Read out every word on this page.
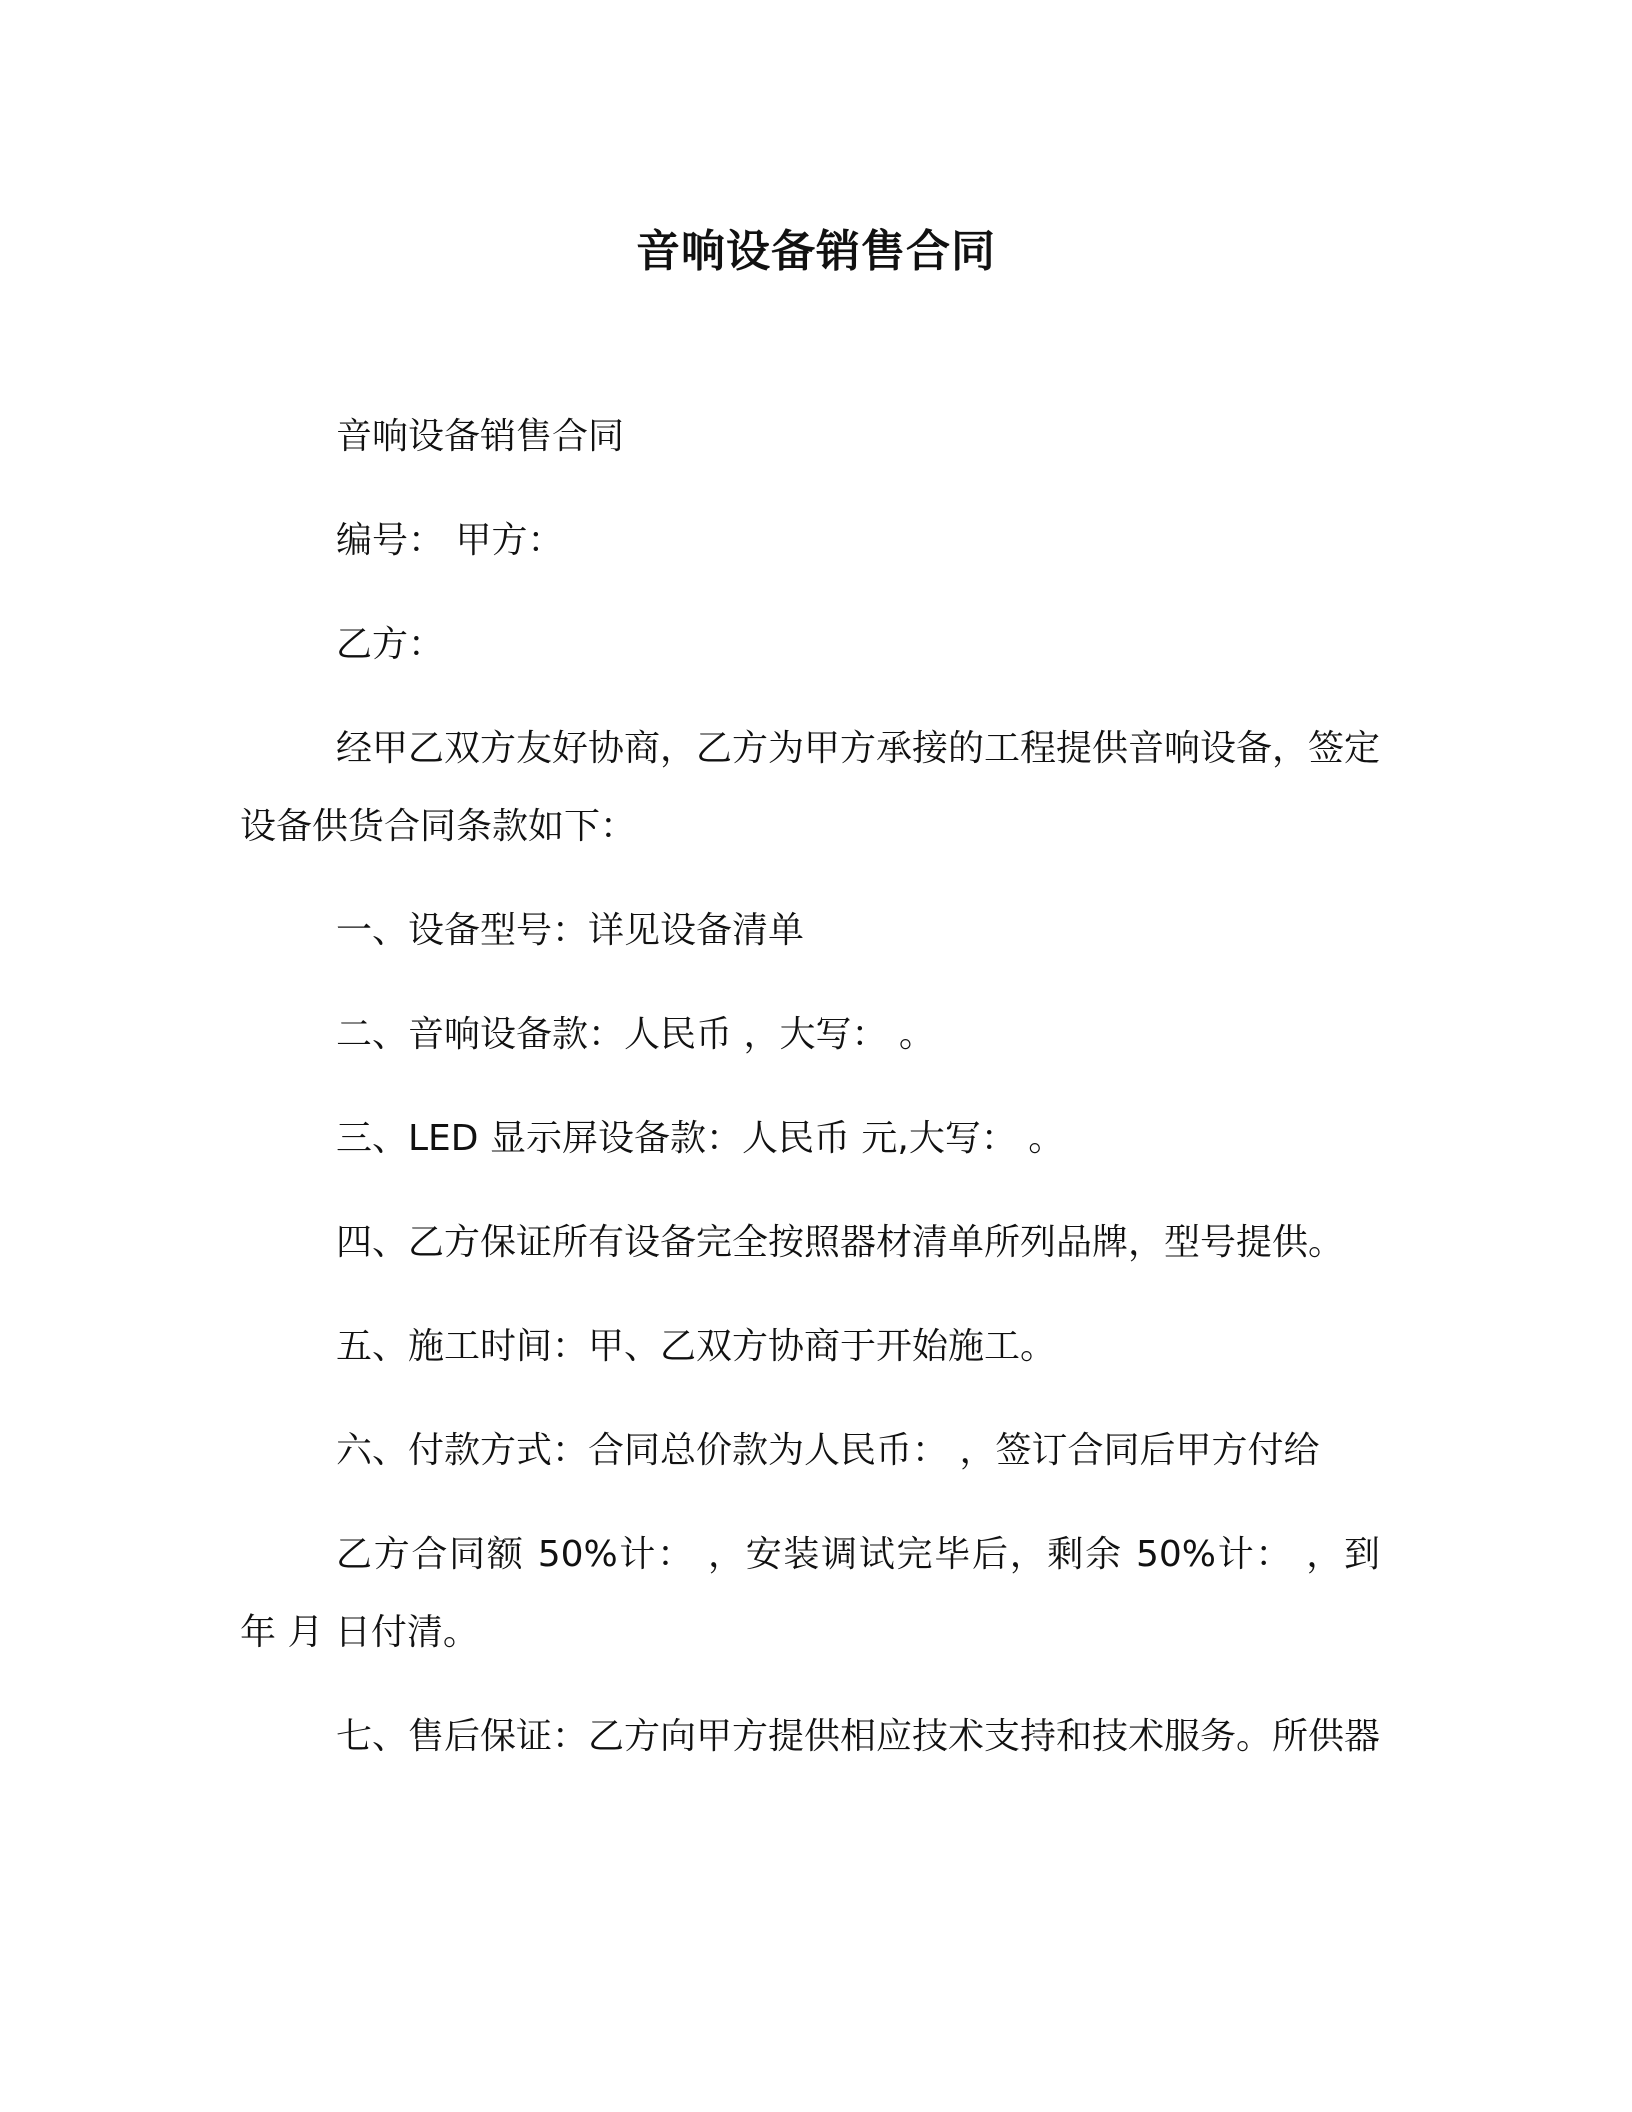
音响设备销售合同

音响设备销售合同

编号： 甲方：

乙方：

经甲乙双方友好协商，乙方为甲方承接的工程提供音响设备，签定设备供货合同条款如下：

一、设备型号：详见设备清单

二、音响设备款：人民币 ，大写： 。

三、LED 显示屏设备款：人民币 元,大写： 。

四、乙方保证所有设备完全按照器材清单所列品牌，型号提供。

五、施工时间：甲、乙双方协商于开始施工。

六、付款方式：合同总价款为人民币： ，签订合同后甲方付给

乙方合同额 50%计： ，安装调试完毕后，剩余 50%计： ，到 年 月 日付清。

七、售后保证：乙方向甲方提供相应技术支持和技术服务。所供器
